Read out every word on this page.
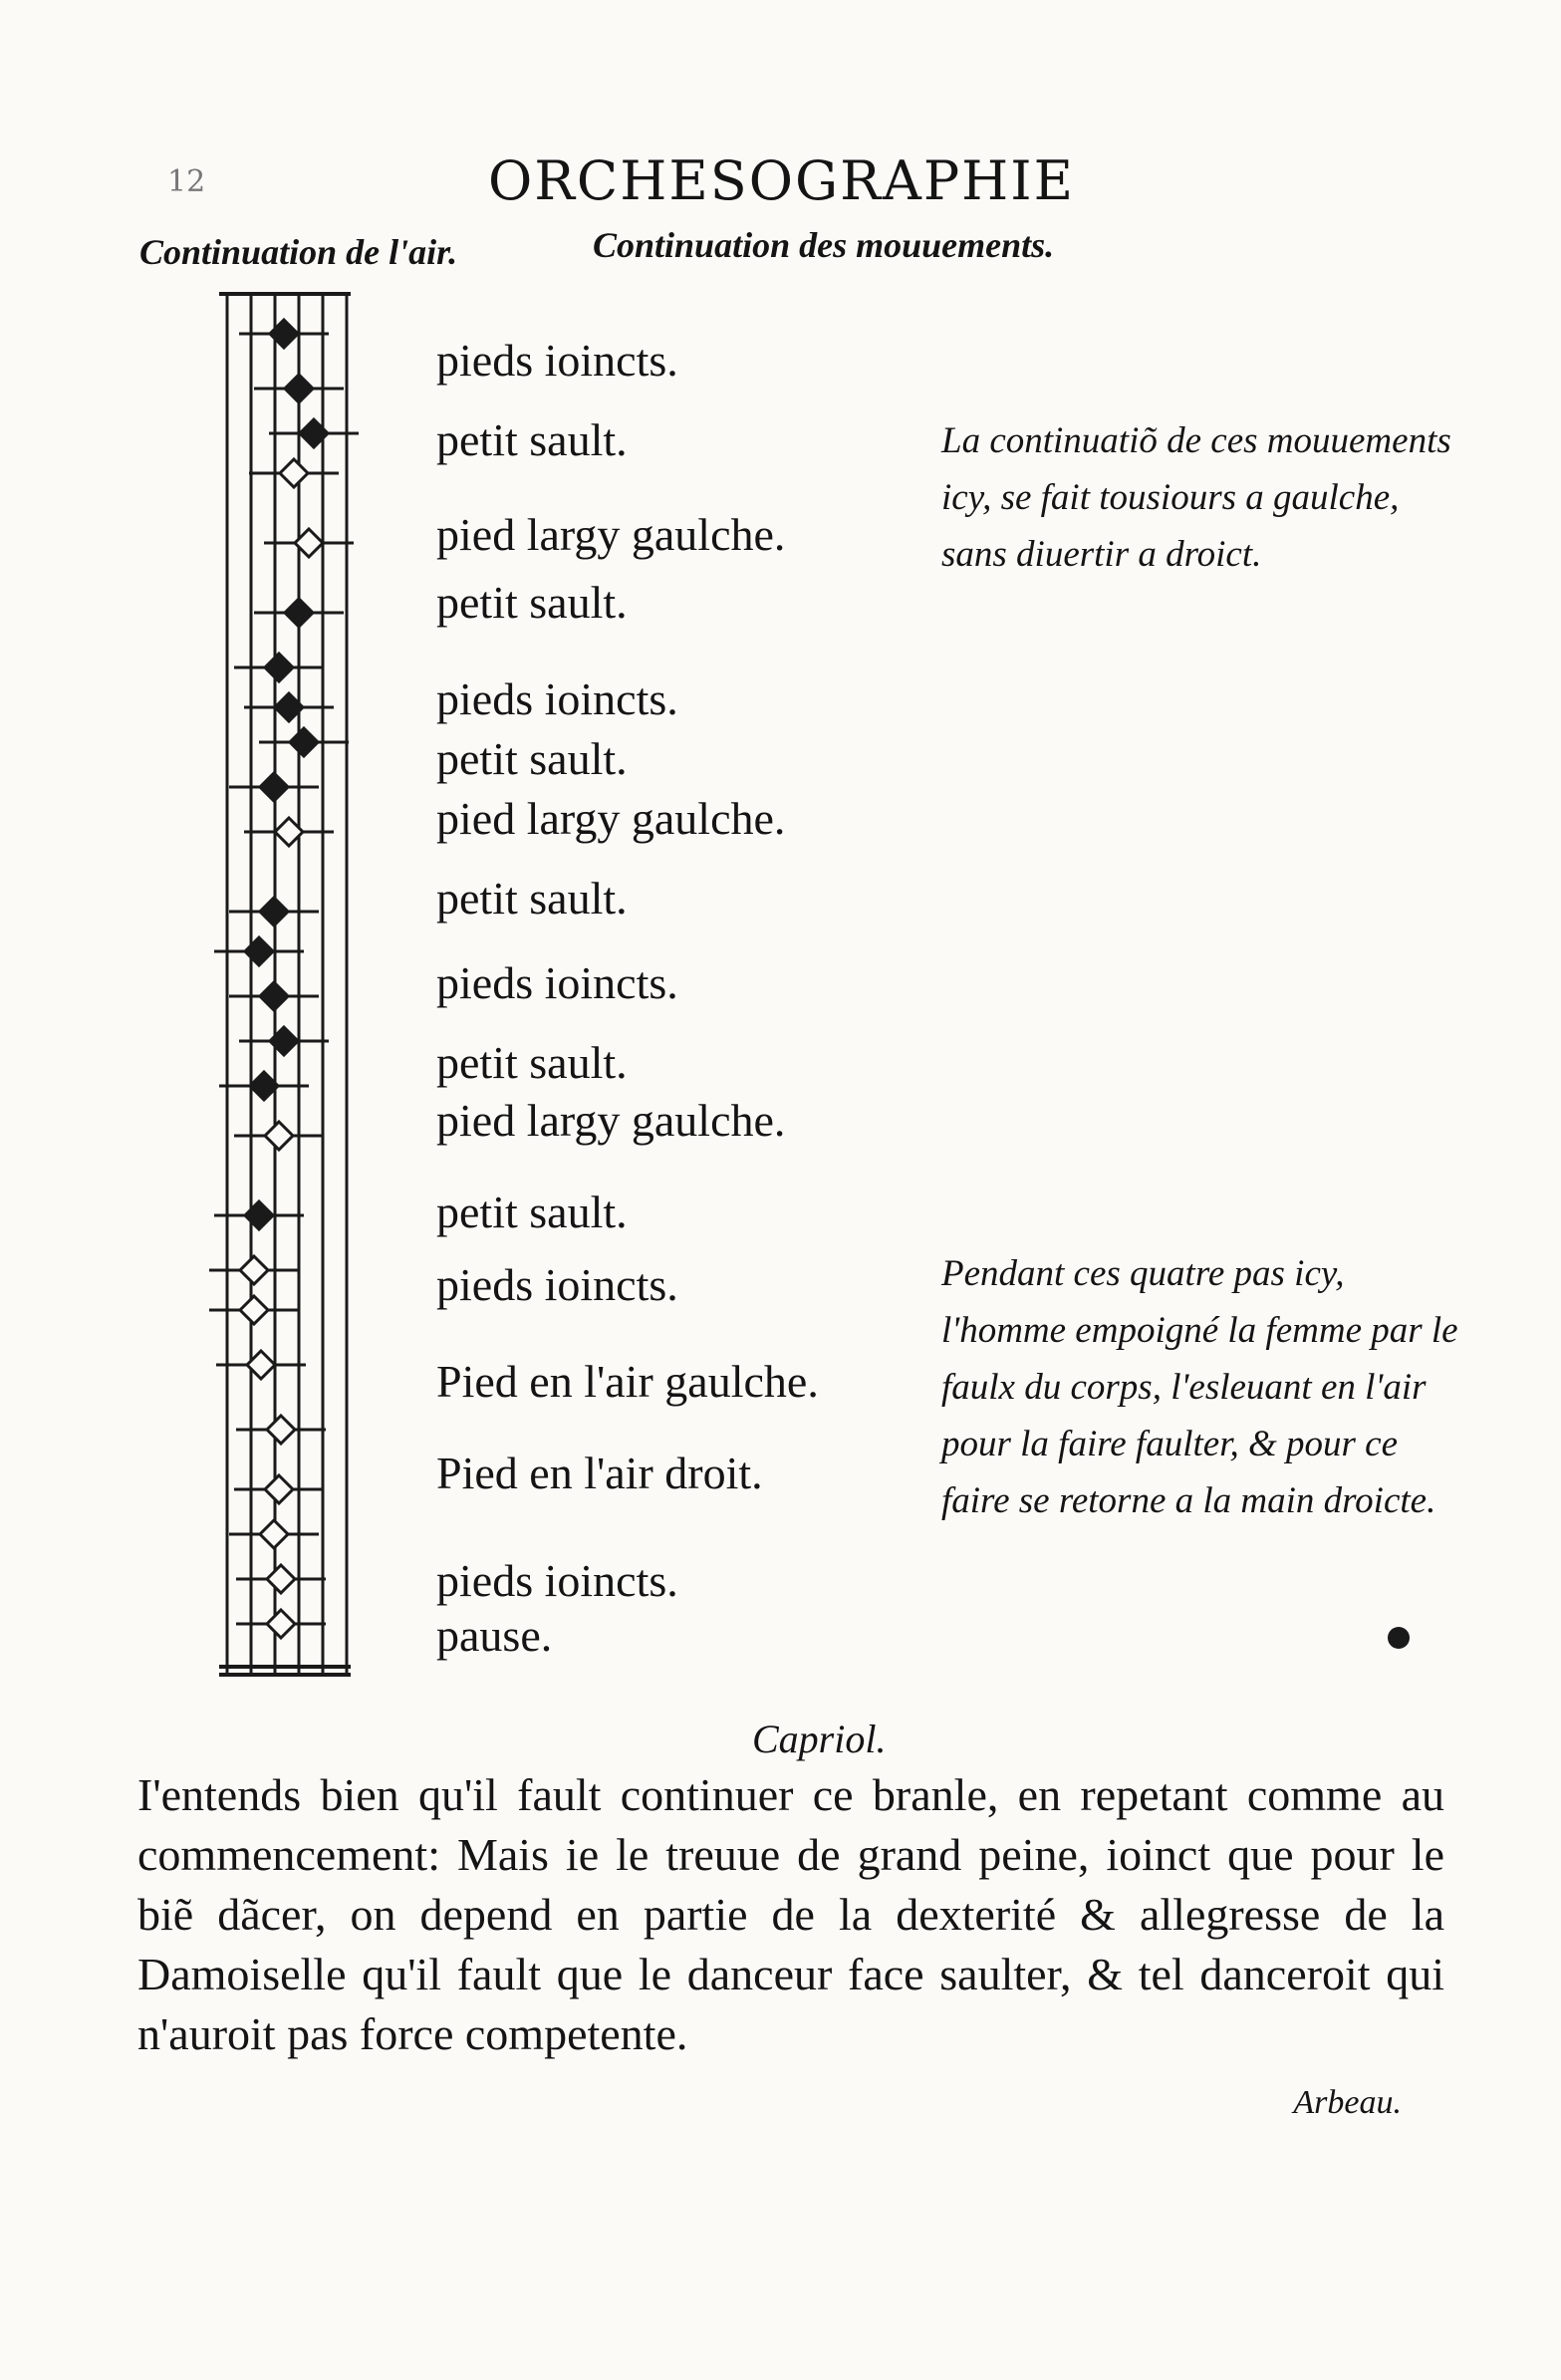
12	ORCHESOGRAPHIE
Continuation de l'air.	Continuation des mouuements.
pieds ioincts.
petit sault.
pied largy gaulche.
petit sault.
pieds ioincts.
petit sault.
pied largy gaulche.
petit sault.
pieds ioincts.
petit sault.
pied largy gaulche.
petit sault.
pieds ioincts.
Pied en l'air gaulche.
Pied en l'air droit.
pieds ioincts.
pause.
La continuatiõ de ces mouuements icy, se fait tousiours a gaulche, sans diuertir a droict.
Pendant ces quatre pas icy, l'homme empoigné la femme par le faulx du corps, l'esleuant en l'air pour la faire faulter, & pour ce faire se retorne a la main droicte.
Capriol.
I'entends bien qu'il fault continuer ce branle, en repetant comme au commencement: Mais ie le treuue de grand peine, ioinct que pour le biẽ dãcer, on depend en partie de la dexterité & allegresse de la Damoiselle qu'il fault que le danceur face saulter, & tel danceroit qui n'auroit pas force competente.
Arbeau.
